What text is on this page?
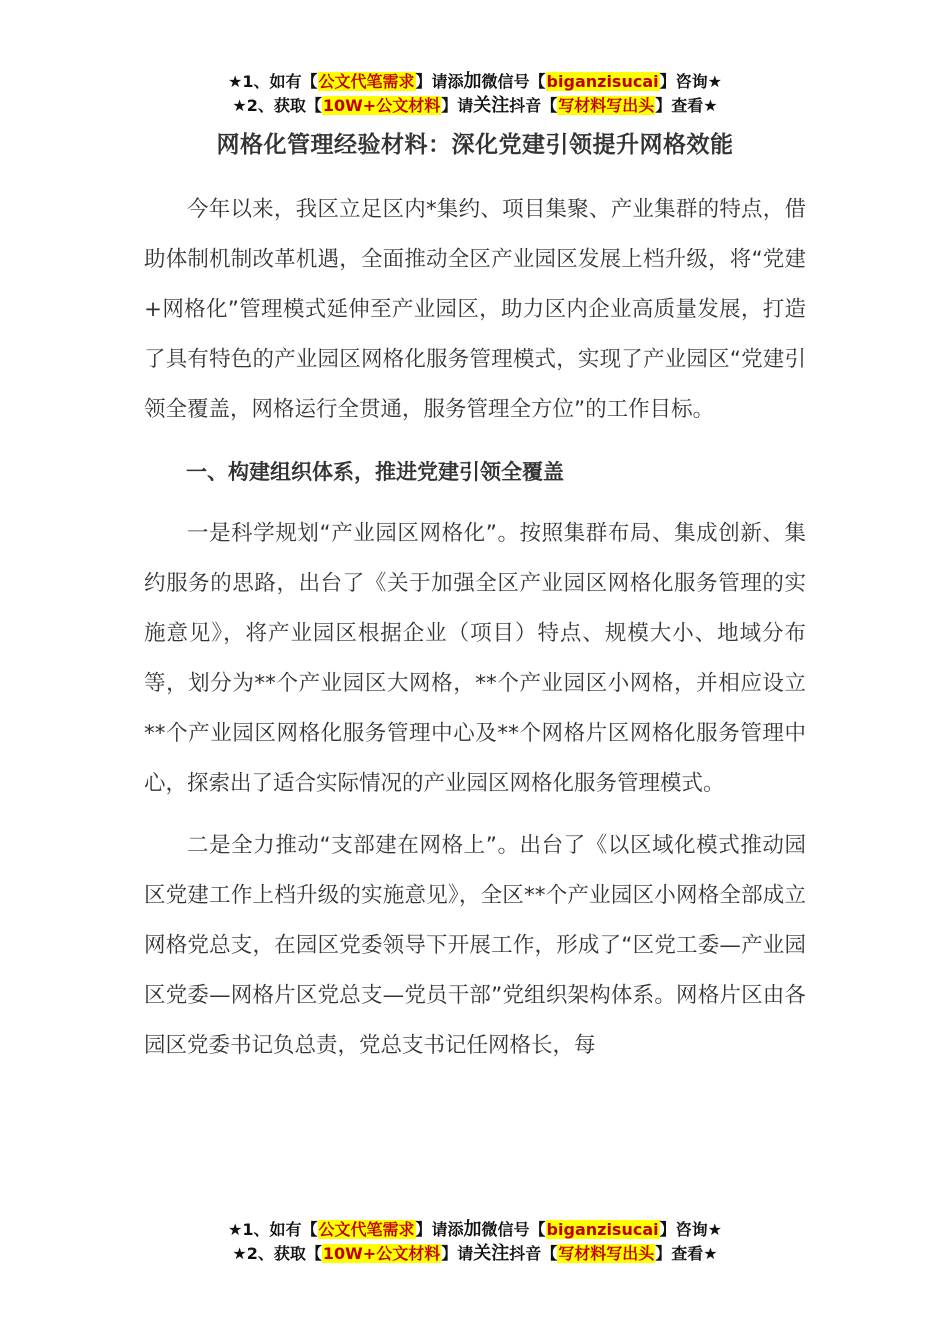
★1、如有【公文代笔需求】请添加微信号【biganzisucai】咨询★
★2、获取【10W+公文材料】请关注抖音【写材料写出头】查看★
网格化管理经验材料：深化党建引领提升网格效能

今年以来，我区立足区内*集约、项目集聚、产业集群的特点，借助体制机制改革机遇，全面推动全区产业园区发展上档升级，将“党建+网格化”管理模式延伸至产业园区，助力区内企业高质量发展，打造了具有特色的产业园区网格化服务管理模式，实现了产业园区“党建引领全覆盖，网格运行全贯通，服务管理全方位”的工作目标。

一、构建组织体系，推进党建引领全覆盖

一是科学规划“产业园区网格化”。按照集群布局、集成创新、集约服务的思路，出台了《关于加强全区产业园区网格化服务管理的实施意见》，将产业园区根据企业（项目）特点、规模大小、地域分布等，划分为**个产业园区大网格，**个产业园区小网格，并相应设立**个产业园区网格化服务管理中心及**个网格片区网格化服务管理中心，探索出了适合实际情况的产业园区网格化服务管理模式。

二是全力推动“支部建在网格上”。出台了《以区域化模式推动园区党建工作上档升级的实施意见》，全区**个产业园区小网格全部成立网格党总支，在园区党委领导下开展工作，形成了“区党工委—产业园区党委—网格片区党总支—党员干部”党组织架构体系。网格片区由各园区党委书记负总责，党总支书记任网格长，每

★1、如有【公文代笔需求】请添加微信号【biganzisucai】咨询★
★2、获取【10W+公文材料】请关注抖音【写材料写出头】查看★
